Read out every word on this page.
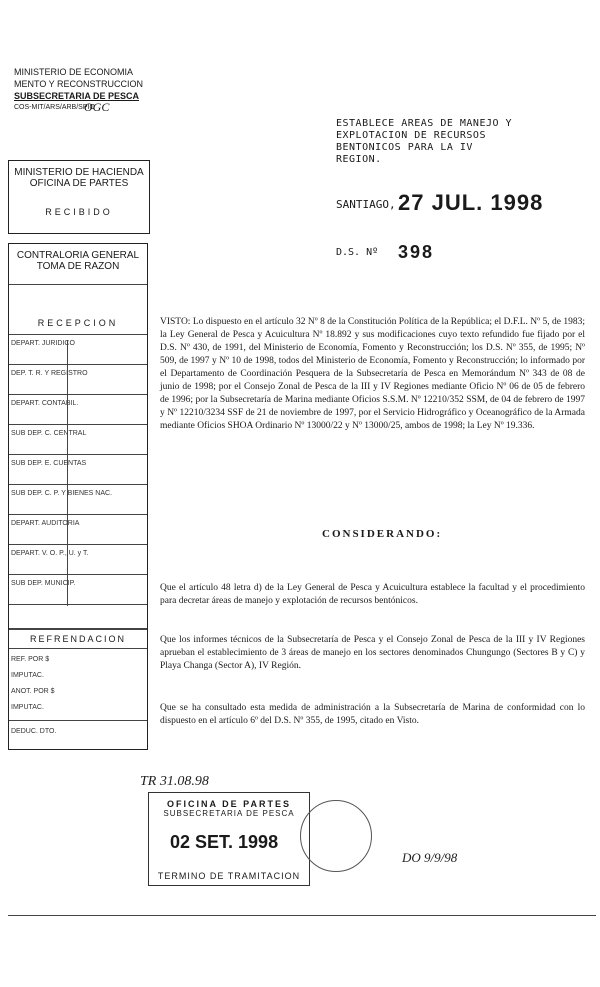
MINISTERIO DE ECONOMIA
MENTO Y RECONSTRUCCION
SUBSECRETARIA DE PESCA
COS-MIT/ARS/ARB/SPIO
OGC
ESTABLECE AREAS DE MANEJO Y EXPLOTACION DE RECURSOS BENTONICOS PARA LA IV REGION.
MINISTERIO DE HACIENDA
OFICINA DE PARTES
RECIBIDO
CONTRALORIA GENERAL
TOMA DE RAZON
RECEPCION
DEPART. JURIDICO
DEP. T. R. Y REGISTRO
DEPART. CONTABIL.
SUB DEP. C. CENTRAL
SUB DEP. E. CUENTAS
SUB DEP. C. P. Y BIENES NAC.
DEPART. AUDITORIA
DEPART. V. O. P., U. y T.
SUB DEP. MUNICIP.
REFRENDACION
REF. POR $
IMPUTAC.
ANOT. POR $
IMPUTAC.
DEDUC. DTO.
SANTIAGO, 27 JUL. 1998
D.S. Nº 398
VISTO: Lo dispuesto en el artículo 32 Nº 8 de la Constitución Política de la República; el D.F.L. Nº 5, de 1983; la Ley General de Pesca y Acuicultura Nº 18.892 y sus modificaciones cuyo texto refundido fue fijado por el D.S. Nº 430, de 1991, del Ministerio de Economía, Fomento y Reconstrucción; los D.S. Nº 355, de 1995; Nº 509, de 1997 y Nº 10 de 1998, todos del Ministerio de Economía, Fomento y Reconstrucción; lo informado por el Departamento de Coordinación Pesquera de la Subsecretaría de Pesca en Memorándum Nº 343 de 08 de junio de 1998; por el Consejo Zonal de Pesca de la III y IV Regiones mediante Oficio Nº 06 de 05 de febrero de 1996; por la Subsecretaría de Marina mediante Oficios S.S.M. Nº 12210/352 SSM, de 04 de febrero de 1997 y Nº 12210/3234 SSF de 21 de noviembre de 1997, por el Servicio Hidrográfico y Oceanográfico de la Armada mediante Oficios SHOA Ordinario Nº 13000/22 y Nº 13000/25, ambos de 1998; la Ley Nº 19.336.
CONSIDERANDO:
Que el artículo 48 letra d) de la Ley General de Pesca y Acuicultura establece la facultad y el procedimiento para decretar áreas de manejo y explotación de recursos bentónicos.
Que los informes técnicos de la Subsecretaría de Pesca y el Consejo Zonal de Pesca de la III y IV Regiones aprueban el establecimiento de 3 áreas de manejo en los sectores denominados Chungungo (Sectores B y C) y Playa Changa (Sector A), IV Región.
Que se ha consultado esta medida de administración a la Subsecretaría de Marina de conformidad con lo dispuesto en el artículo 6º del D.S. Nº 355, de 1995, citado en Visto.
TR 31.08.98
DO 9/9/98
OFICINA DE PARTES
SUBSECRETARIA DE PESCA
TERMINO DE TRAMITACION
02 SET. 1998
